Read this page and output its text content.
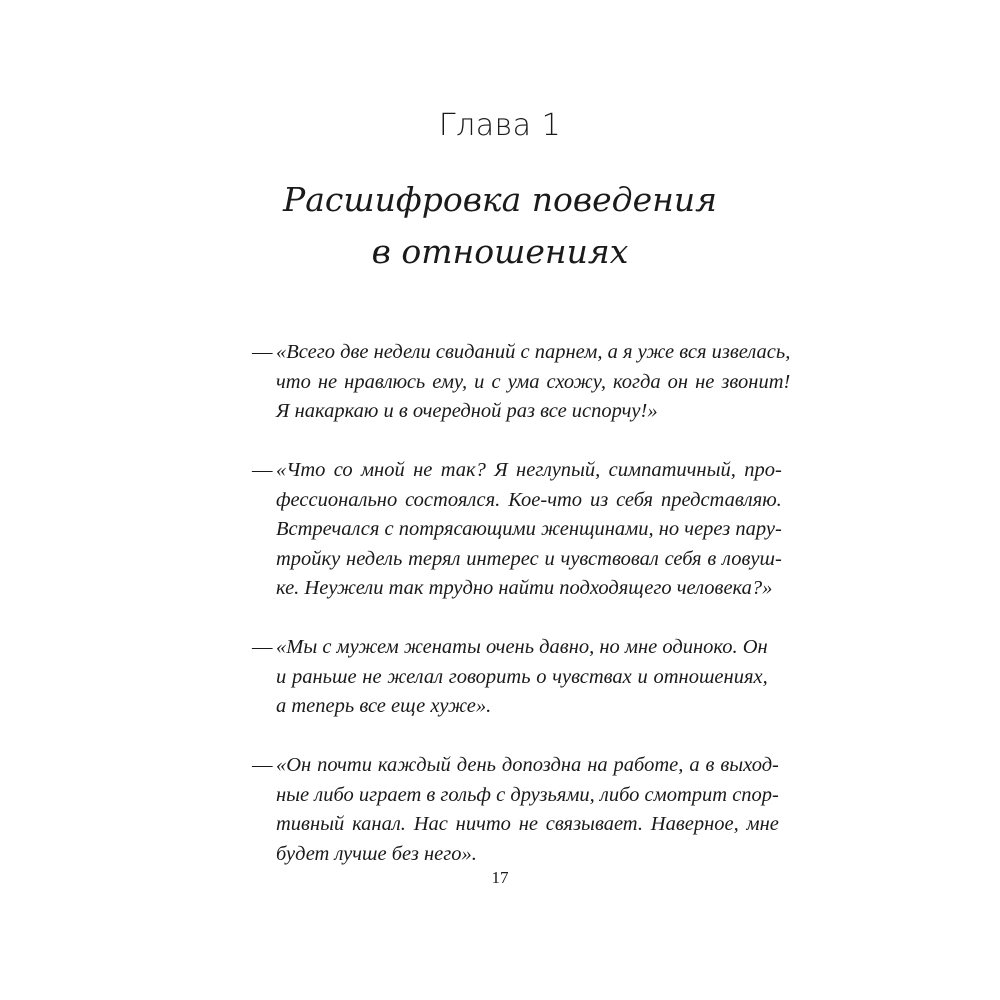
Глава 1
Расшифровка поведения
в отношениях
— «Всего две недели свиданий с парнем, а я уже вся извелась,
что не нравлюсь ему, и с ума схожу, когда он не звонит!
Я накаркаю и в очередной раз все испорчу!»
— «Что со мной не так? Я неглупый, симпатичный, про-
фессионально состоялся. Кое-что из себя представляю.
Встречался с потрясающими женщинами, но через пару-
тройку недель терял интерес и чувствовал себя в ловуш-
ке. Неужели так трудно найти подходящего человека?»
— «Мы с мужем женаты очень давно, но мне одиноко. Он
и раньше не желал говорить о чувствах и отношениях,
а теперь все еще хуже».
— «Он почти каждый день допоздна на работе, а в выход-
ные либо играет в гольф с друзьями, либо смотрит спор-
тивный канал. Нас ничто не связывает. Наверное, мне
будет лучше без него».
17
